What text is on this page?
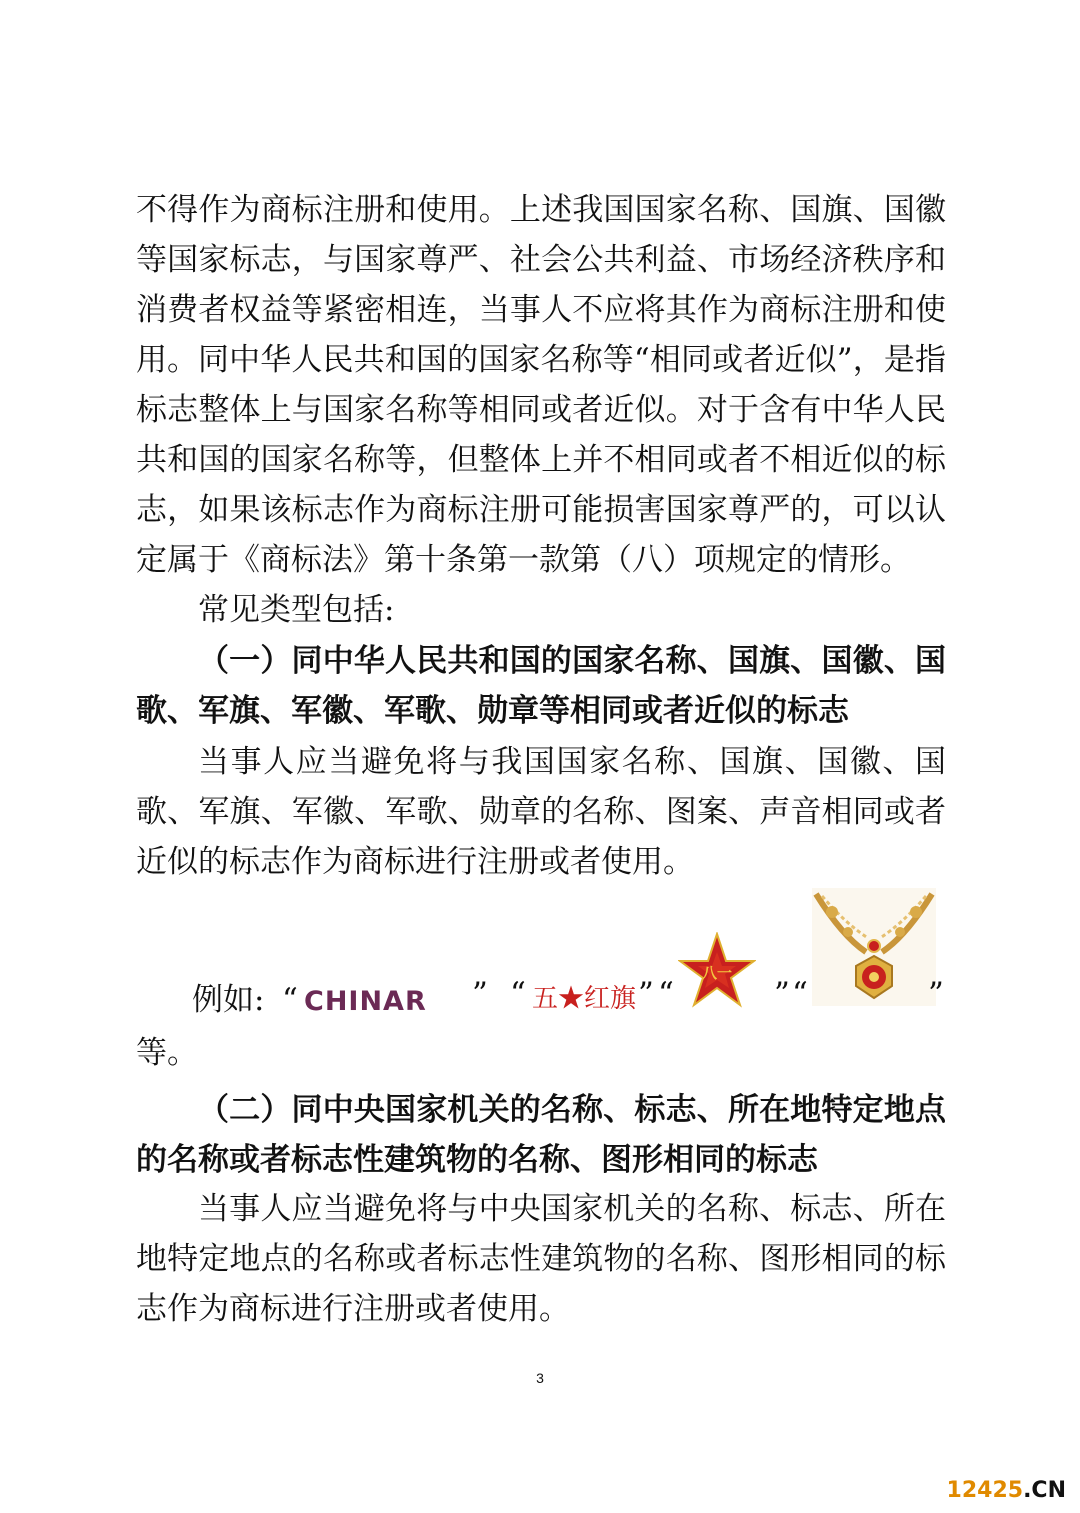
不得作为商标注册和使用。上述我国国家名称、国旗、国徽等国家标志，与国家尊严、社会公共利益、市场经济秩序和消费者权益等紧密相连，当事人不应将其作为商标注册和使用。 同中华人民共和国的国家名称等“相同或者近似”，是指标志整体上与国家名称等相同或者近似。对于含有中华人民共和国的国家名称等，但整体上并不相同或者不相近似的标志，如果该标志作为商标注册可能损害国家尊严的，可以认定属于《商标法》第十条第一款第（八）项规定的情形。

常见类型包括:

（一）同中华人民共和国的国家名称、国旗、国徽、国歌、军旗、军徽、军歌、勋章等相同或者近似的标志

当事人应当避免将与我国国家名称、国旗、国徽、国歌、军旗、军徽、军歌、勋章的名称、图案、声音相同或者近似的标志作为商标进行注册或者使用。

例如: “ CHINAR ” “ 五★红旗 ” “
八一
” “	”

等。

（二）同中央国家机关的名称、标志、所在地特定地点的名称或者标志性建筑物的名称、图形相同的标志

当事人应当避免将与中央国家机关的名称、标志、所在地特定地点的名称或者标志性建筑物的名称、图形相同的标志作为商标进行注册或者使用。

3
12425.CN
